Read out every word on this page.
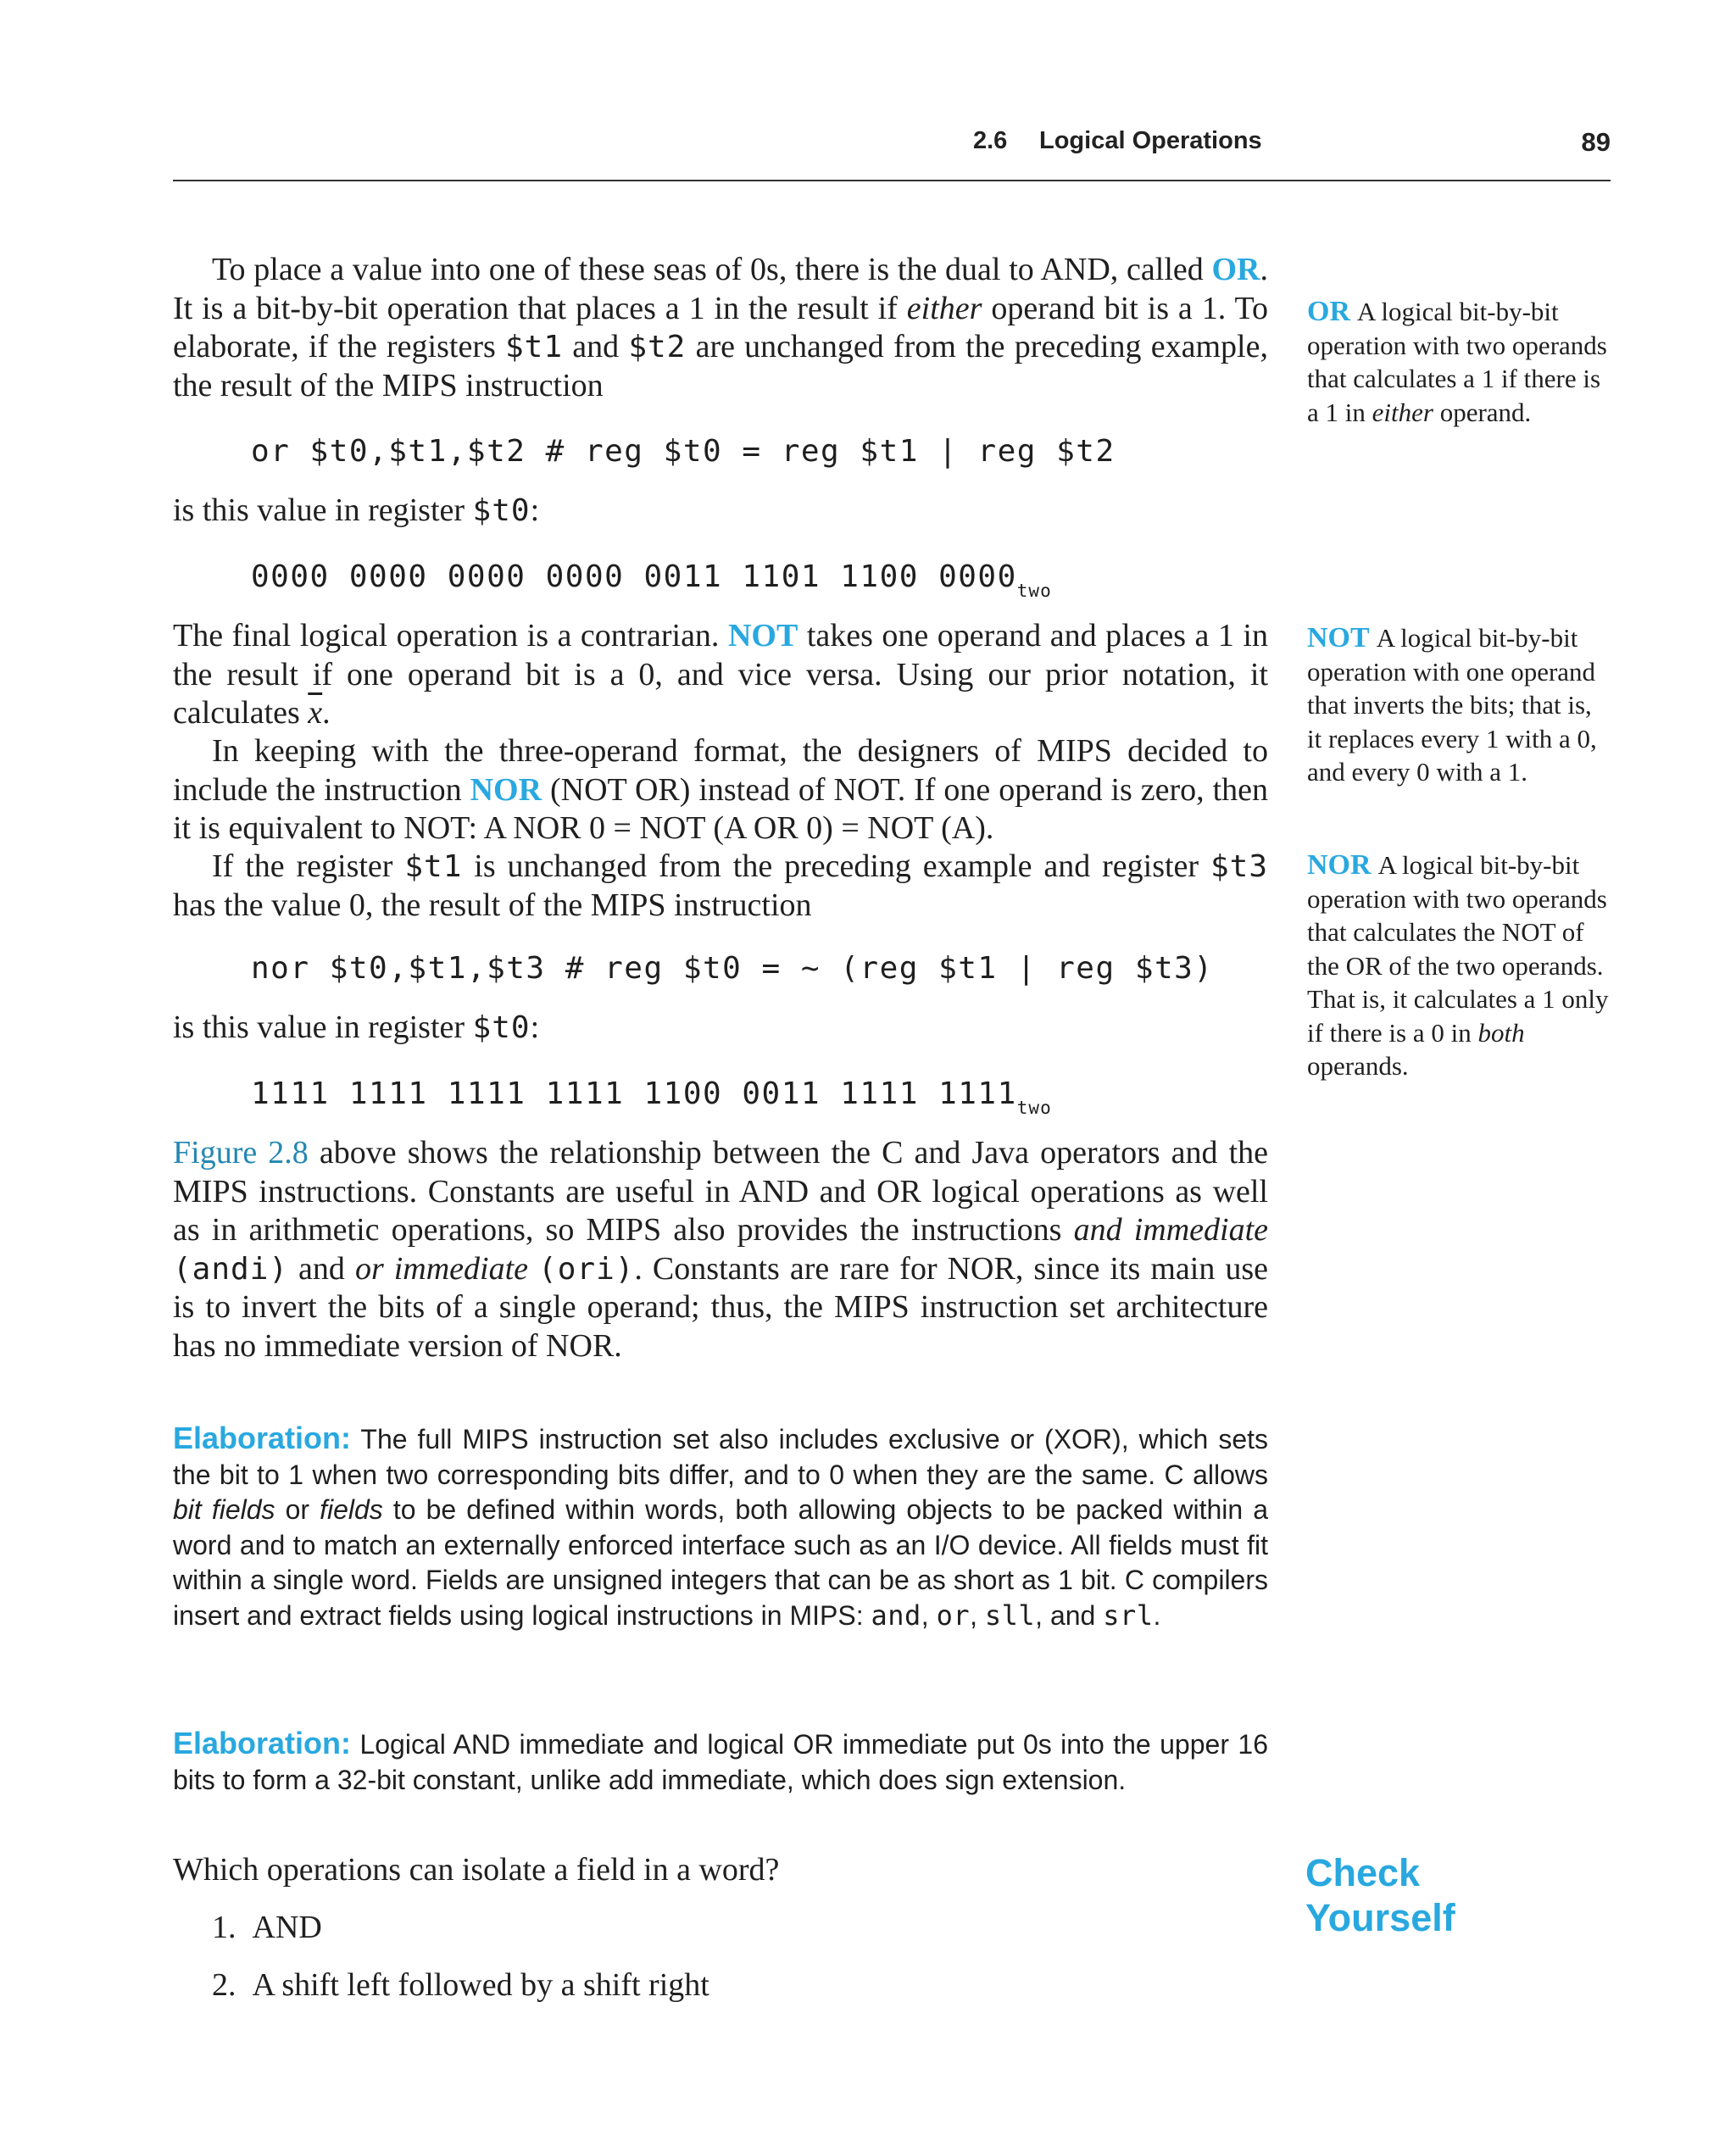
2.6 Logical Operations	89
To place a value into one of these seas of 0s, there is the dual to AND, called OR. It is a bit-by-bit operation that places a 1 in the result if either operand bit is a 1. To elaborate, if the registers $t1 and $t2 are unchanged from the preceding example, the result of the MIPS instruction
or $t0,$t1,$t2 # reg $t0 = reg $t1 | reg $t2
is this value in register $t0:
0000 0000 0000 0000 0011 1101 1100 $0000_{two}$
The final logical operation is a contrarian. NOT takes one operand and places a 1 in the result if one operand bit is a 0, and vice versa. Using our prior notation, it calculates $\overline{x}$.
In keeping with the three-operand format, the designers of MIPS decided to include the instruction NOR (NOT OR) instead of NOT. If one operand is zero, then it is equivalent to NOT: A NOR 0 = NOT (A OR 0) = NOT (A).
If the register $t1 is unchanged from the preceding example and register $t3 has the value 0, the result of the MIPS instruction
nor $t0,$t1,$t3 # reg $t0 = ~ (reg $t1 | reg $t3)
is this value in register $t0:
1111 1111 1111 1111 1100 0011 1111 $1111_{two}$
Figure 2.8 above shows the relationship between the C and Java operators and the MIPS instructions. Constants are useful in AND and OR logical operations as well as in arithmetic operations, so MIPS also provides the instructions and immediate (andi) and or immediate (ori). Constants are rare for NOR, since its main use is to invert the bits of a single operand; thus, the MIPS instruction set architecture has no immediate version of NOR.
Elaboration: The full MIPS instruction set also includes exclusive or (XOR), which sets the bit to 1 when two corresponding bits differ, and to 0 when they are the same. C allows bit fields or fields to be defined within words, both allowing objects to be packed within a word and to match an externally enforced interface such as an I/O device. All fields must fit within a single word. Fields are unsigned integers that can be as short as 1 bit. C compilers insert and extract fields using logical instructions in MIPS: and, or, sll, and srl.
Elaboration: Logical AND immediate and logical OR immediate put 0s into the upper 16 bits to form a 32-bit constant, unlike add immediate, which does sign extension.
OR A logical bit-by-bit operation with two operands that calculates a 1 if there is a 1 in either operand.
NOT A logical bit-by-bit operation with one operand that inverts the bits; that is, it replaces every 1 with a 0, and every 0 with a 1.
NOR A logical bit-by-bit operation with two operands that calculates the NOT of the OR of the two operands. That is, it calculates a 1 only if there is a 0 in both operands.
Check
Yourself
Which operations can isolate a field in a word?
1. AND
2. A shift left followed by a shift right
